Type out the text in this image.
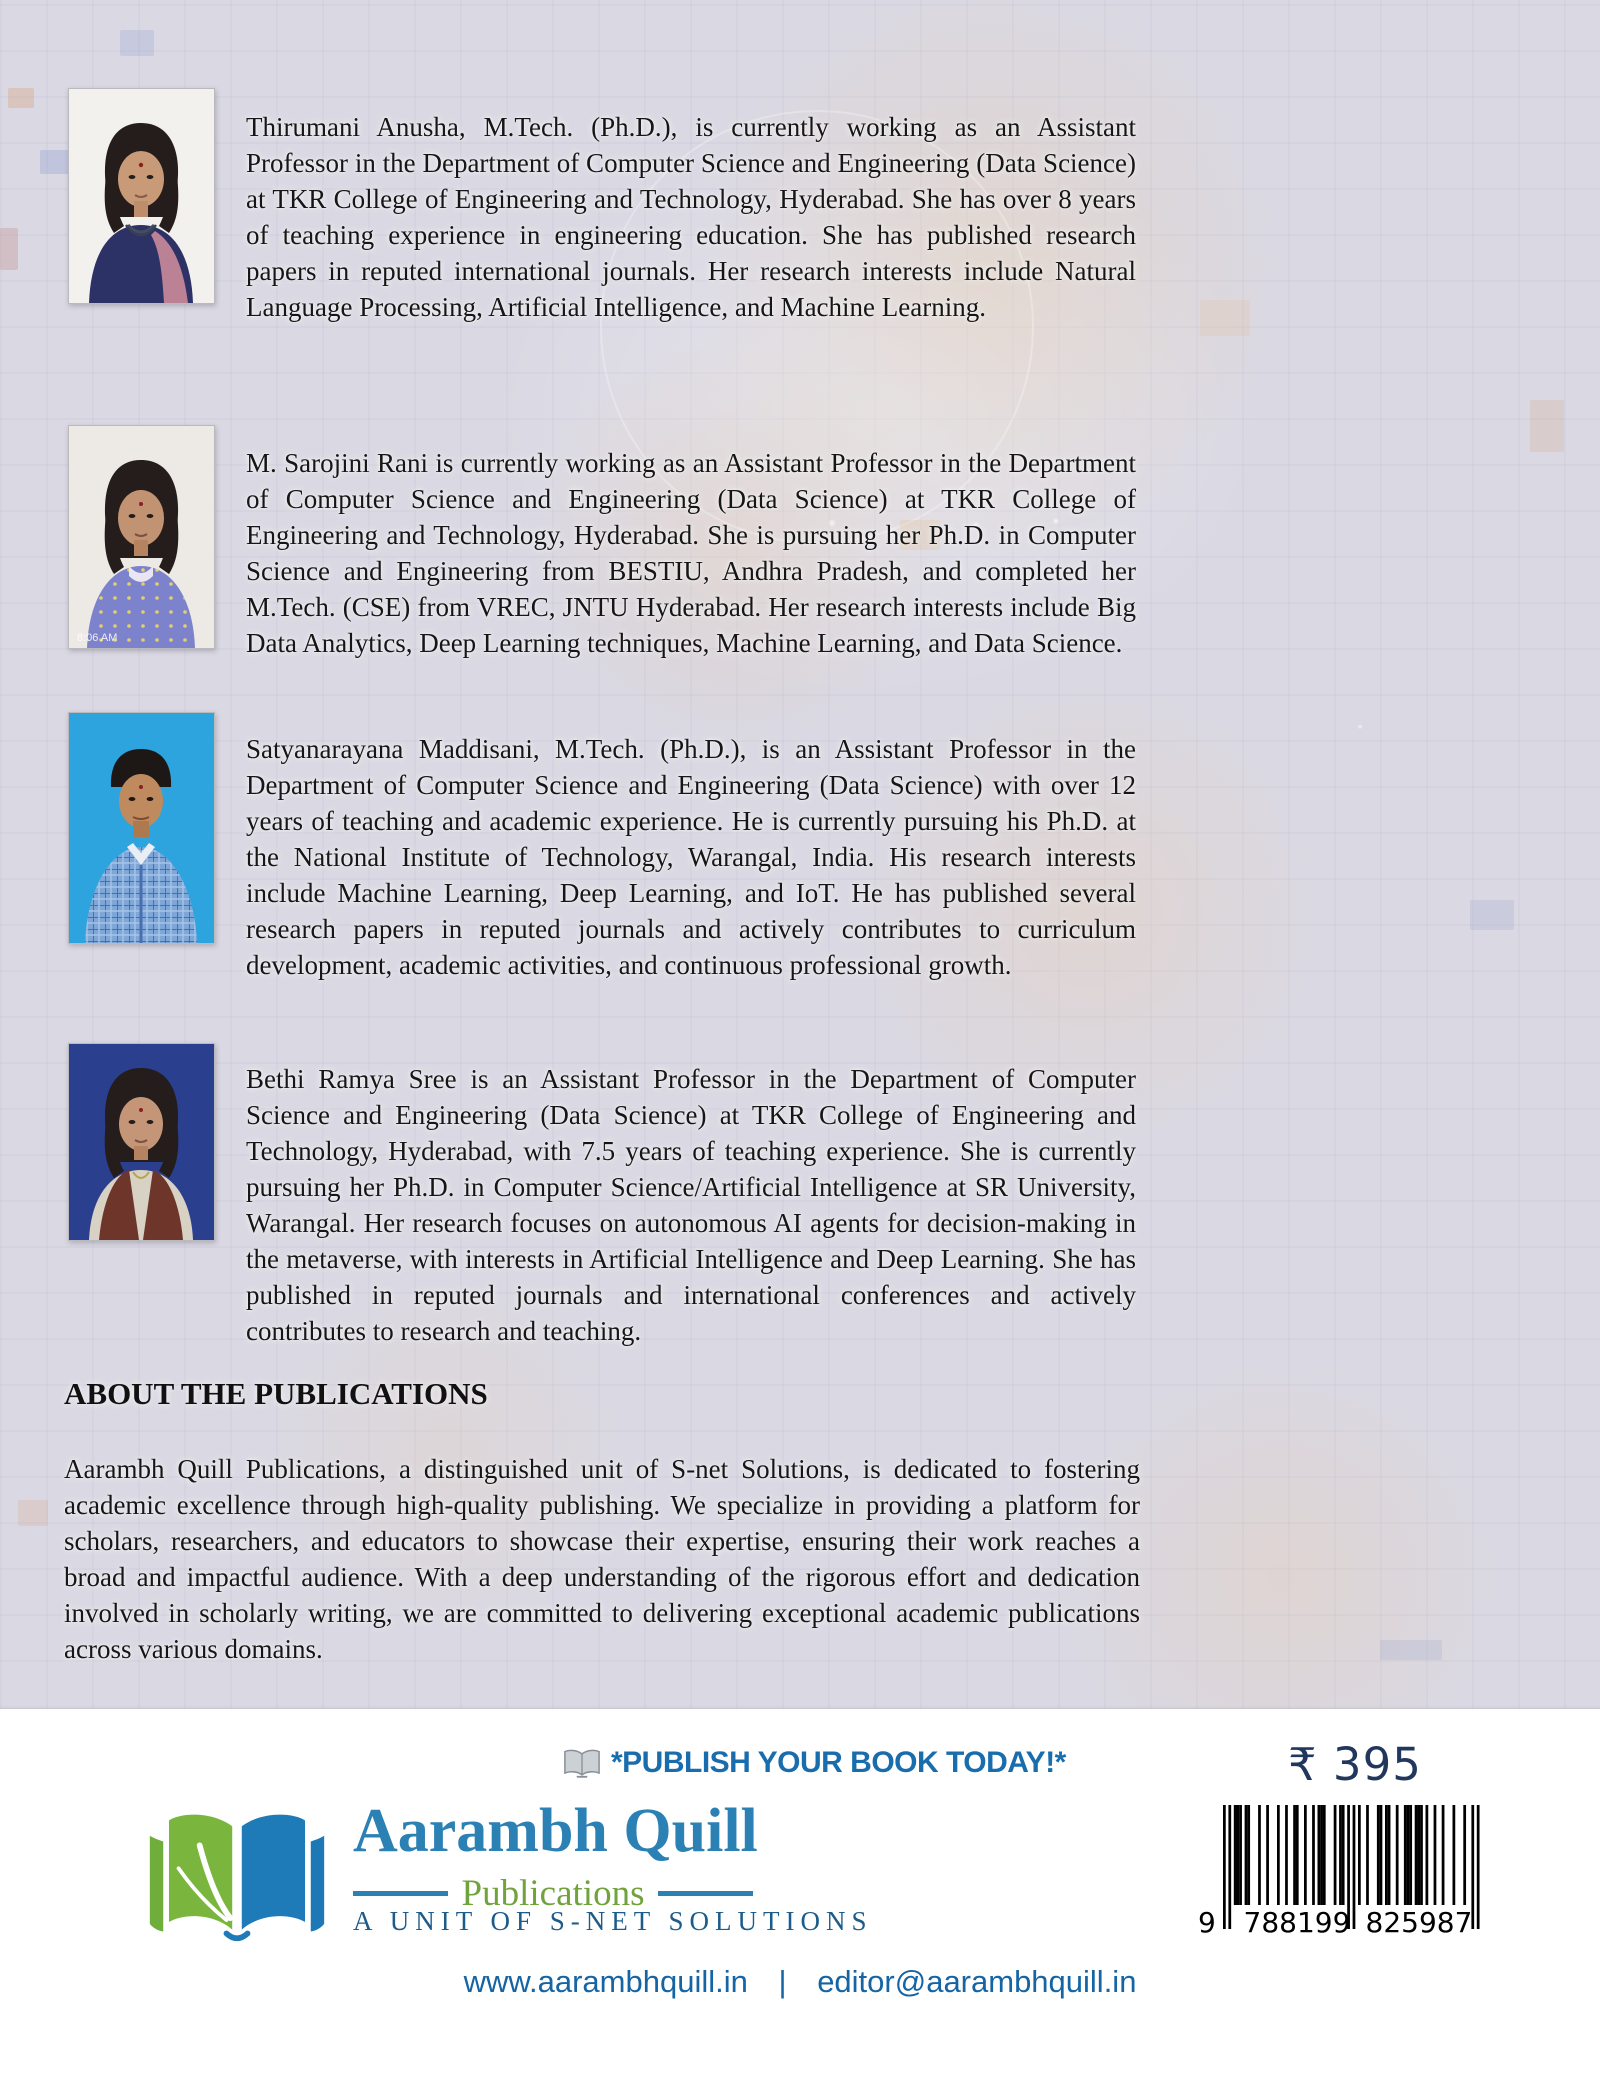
8:06 AM

Thirumani Anusha, M.Tech. (Ph.D.), is currently working as an Assistant Professor in the Department of Computer Science and Engineering (Data Science) at TKR College of Engineering and Technology, Hyderabad. She has over 8 years of teaching experience in engineering education. She has published research papers in reputed international journals. Her research interests include Natural Language Processing, Artificial Intelligence, and Machine Learning.

M. Sarojini Rani is currently working as an Assistant Professor in the Department of Computer Science and Engineering (Data Science) at TKR College of Engineering and Technology, Hyderabad. She is pursuing her Ph.D. in Computer Science and Engineering from BESTIU, Andhra Pradesh, and completed her M.Tech. (CSE) from VREC, JNTU Hyderabad. Her research interests include Big Data Analytics, Deep Learning techniques, Machine Learning, and Data Science.

Satyanarayana Maddisani, M.Tech. (Ph.D.), is an Assistant Professor in the Department of Computer Science and Engineering (Data Science) with over 12 years of teaching and academic experience. He is currently pursuing his Ph.D. at the National Institute of Technology, Warangal, India. His research interests include Machine Learning, Deep Learning, and IoT. He has published several research papers in reputed journals and actively contributes to curriculum development, academic activities, and continuous professional growth.

Bethi Ramya Sree is an Assistant Professor in the Department of Computer Science and Engineering (Data Science) at TKR College of Engineering and Technology, Hyderabad, with 7.5 years of teaching experience. She is currently pursuing her Ph.D. in Computer Science/Artificial Intelligence at SR University, Warangal. Her research focuses on autonomous AI agents for decision-making in the metaverse, with interests in Artificial Intelligence and Deep Learning. She has published in reputed journals and international conferences and actively contributes to research and teaching.

ABOUT THE PUBLICATIONS

Aarambh Quill Publications, a distinguished unit of S-net Solutions, is dedicated to fostering academic excellence through high-quality publishing. We specialize in providing a platform for scholars, researchers, and educators to showcase their expertise, ensuring their work reaches a broad and impactful audience. With a deep understanding of the rigorous effort and dedication involved in scholarly writing, we are committed to delivering exceptional academic publications across various domains.

*PUBLISH YOUR BOOK TODAY!*	₹ 395
Aarambh Quill
Publications
A UNIT OF S-NET SOLUTIONS	9 788199 825987
www.aarambhquill.in | editor@aarambhquill.in
